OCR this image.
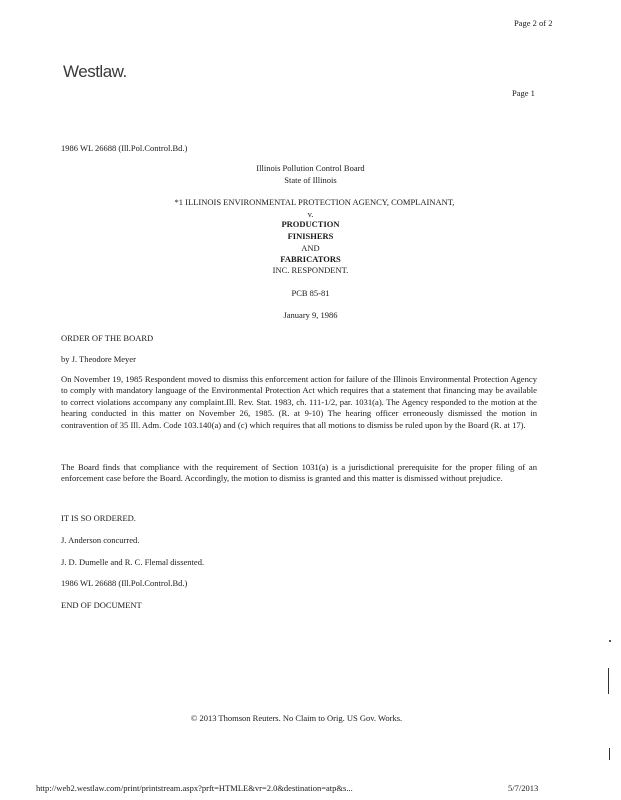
Page 2 of 2
Westlaw.
Page 1
1986 WL 26688 (Ill.Pol.Control.Bd.)
Illinois Pollution Control Board
State of Illinois
*1 ILLINOIS ENVIRONMENTAL PROTECTION AGENCY, COMPLAINANT,
v.
PRODUCTION
FINISHERS
AND
FABRICATORS
INC. RESPONDENT.
PCB 85-81
January 9, 1986
ORDER OF THE BOARD
by J. Theodore Meyer
On November 19, 1985 Respondent moved to dismiss this enforcement action for failure of the Illinois Environmental Protection Agency to comply with mandatory language of the Environmental Protection Act which requires that a statement that financing may be available to correct violations accompany any complaint.Ill. Rev. Stat. 1983, ch. 111-1/2, par. 1031(a). The Agency responded to the motion at the hearing conducted in this matter on November 26, 1985. (R. at 9-10) The hearing officer erroneously dismissed the motion in contravention of 35 Ill. Adm. Code 103.140(a) and (c) which requires that all motions to dismiss be ruled upon by the Board (R. at 17).
The Board finds that compliance with the requirement of Section 1031(a) is a jurisdictional prerequisite for the proper filing of an enforcement case before the Board. Accordingly, the motion to dismiss is granted and this matter is dismissed without prejudice.
IT IS SO ORDERED.
J. Anderson concurred.
J. D. Dumelle and R. C. Flemal dissented.
1986 WL 26688 (Ill.Pol.Control.Bd.)
END OF DOCUMENT
© 2013 Thomson Reuters. No Claim to Orig. US Gov. Works.
http://web2.westlaw.com/print/printstream.aspx?prft=HTMLE&vr=2.0&destination=atp&s...	5/7/2013
